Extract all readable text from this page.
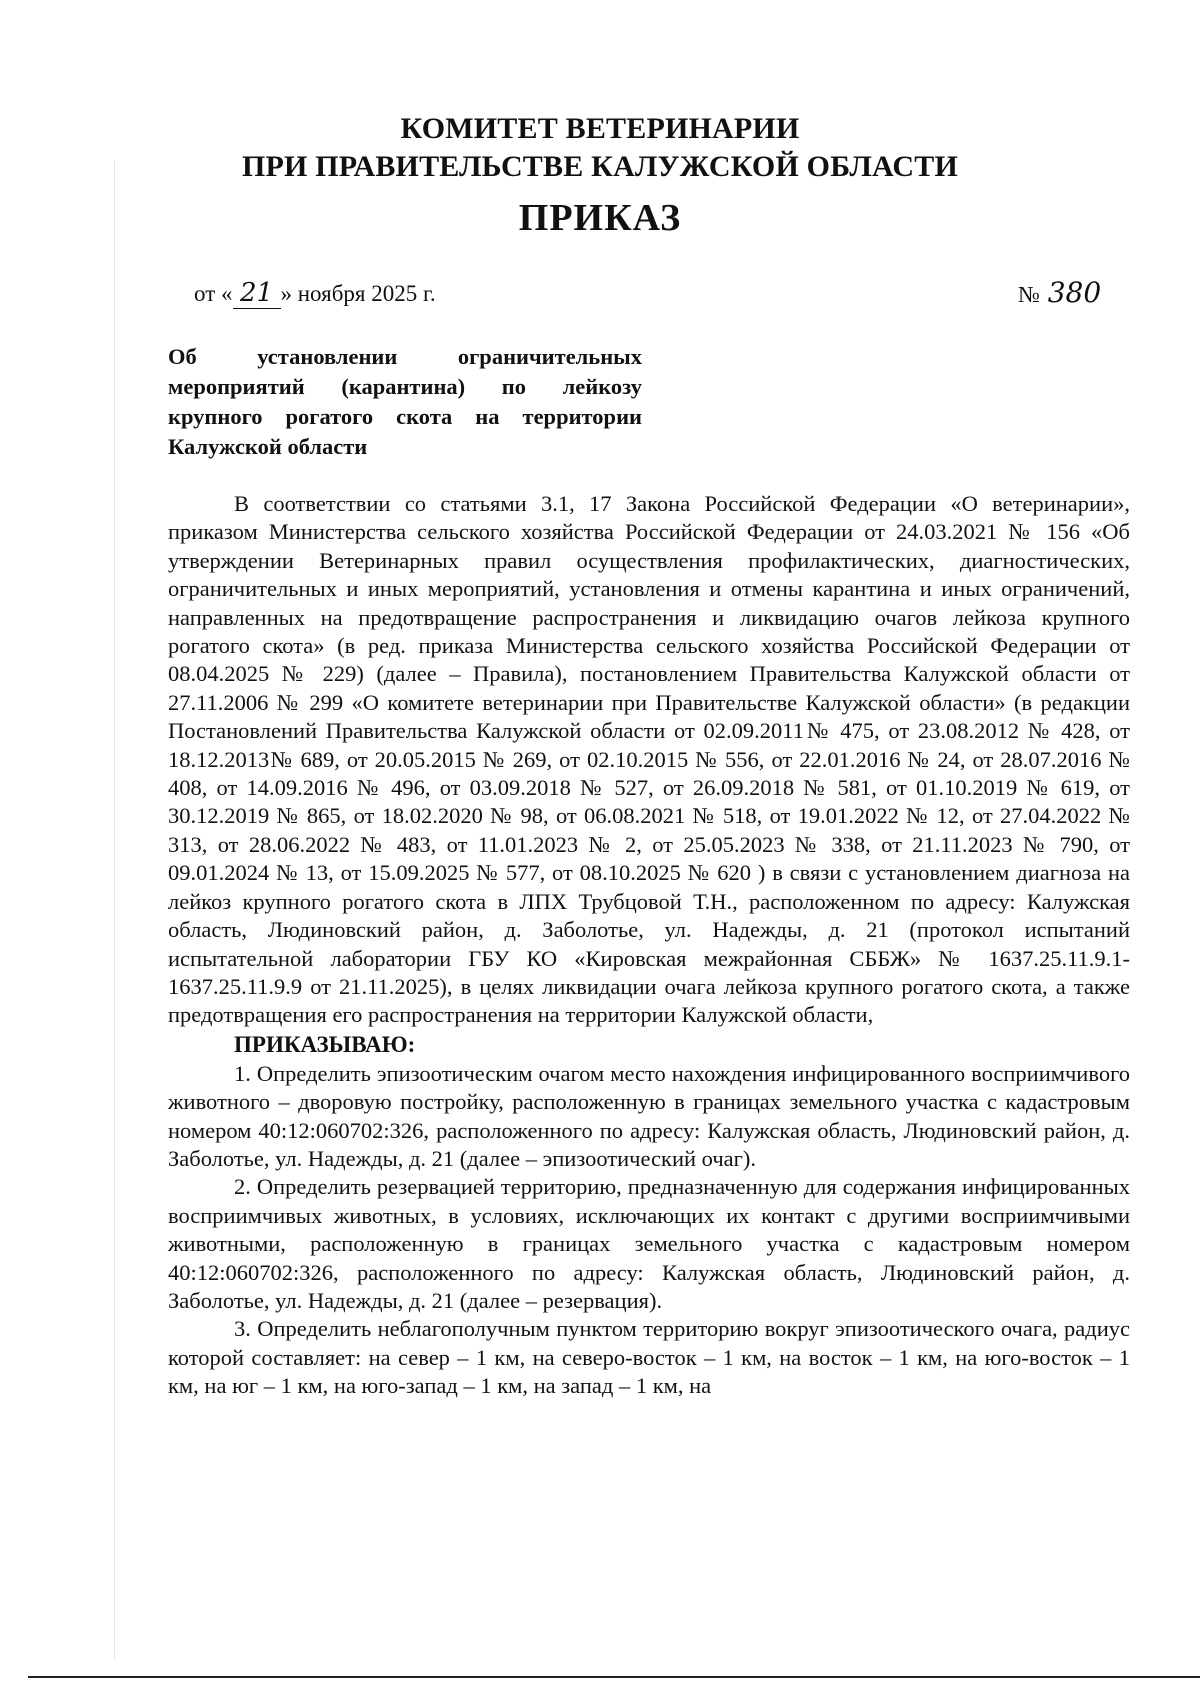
КОМИТЕТ ВЕТЕРИНАРИИ
ПРИ ПРАВИТЕЛЬСТВЕ КАЛУЖСКОЙ ОБЛАСТИ
ПРИКАЗ
от « 21 » ноября 2025 г.	№ 380
Об установлении ограничительных мероприятий (карантина) по лейкозу крупного рогатого скота на территории Калужской области

В соответствии со статьями 3.1, 17 Закона Российской Федерации «О ветеринарии», приказом Министерства сельского хозяйства Российской Федерации от 24.03.2021 № 156 «Об утверждении Ветеринарных правил осуществления профилактических, диагностических, ограничительных и иных мероприятий, установления и отмены карантина и иных ограничений, направленных на предотвращение распространения и ликвидацию очагов лейкоза крупного рогатого скота» (в ред. приказа Министерства сельского хозяйства Российской Федерации от 08.04.2025 № 229) (далее – Правила), постановлением Правительства Калужской области от 27.11.2006 № 299 «О комитете ветеринарии при Правительстве Калужской области» (в редакции Постановлений Правительства Калужской области от 02.09.2011№ 475, от 23.08.2012 № 428, от 18.12.2013№ 689, от 20.05.2015 № 269, от 02.10.2015 № 556, от 22.01.2016 № 24, от 28.07.2016 № 408, от 14.09.2016 № 496, от 03.09.2018 № 527, от 26.09.2018 № 581, от 01.10.2019 № 619, от 30.12.2019 № 865, от 18.02.2020 № 98, от 06.08.2021 № 518, от 19.01.2022 № 12, от 27.04.2022 № 313, от 28.06.2022 № 483, от 11.01.2023 № 2, от 25.05.2023 № 338, от 21.11.2023 № 790, от 09.01.2024 № 13, от 15.09.2025 № 577, от 08.10.2025 № 620 ) в связи с установлением диагноза на лейкоз крупного рогатого скота в ЛПХ Трубцовой Т.Н., расположенном по адресу: Калужская область, Людиновский район, д. Заболотье, ул. Надежды, д. 21 (протокол испытаний испытательной лаборатории ГБУ КО «Кировская межрайонная СББЖ» № 1637.25.11.9.1-1637.25.11.9.9 от 21.11.2025), в целях ликвидации очага лейкоза крупного рогатого скота, а также предотвращения его распространения на территории Калужской области,

ПРИКАЗЫВАЮ:

1. Определить эпизоотическим очагом место нахождения инфицированного восприимчивого животного – дворовую постройку, расположенную в границах земельного участка с кадастровым номером 40:12:060702:326, расположенного по адресу: Калужская область, Людиновский район, д. Заболотье, ул. Надежды, д. 21 (далее – эпизоотический очаг).

2. Определить резервацией территорию, предназначенную для содержания инфицированных восприимчивых животных, в условиях, исключающих их контакт с другими восприимчивыми животными, расположенную в границах земельного участка с кадастровым номером 40:12:060702:326, расположенного по адресу: Калужская область, Людиновский район, д. Заболотье, ул. Надежды, д. 21 (далее – резервация).

3. Определить неблагополучным пунктом территорию вокруг эпизоотического очага, радиус которой составляет: на север – 1 км, на северо-восток – 1 км, на восток – 1 км, на юго-восток – 1 км, на юг – 1 км, на юго-запад – 1 км, на запад – 1 км, на
